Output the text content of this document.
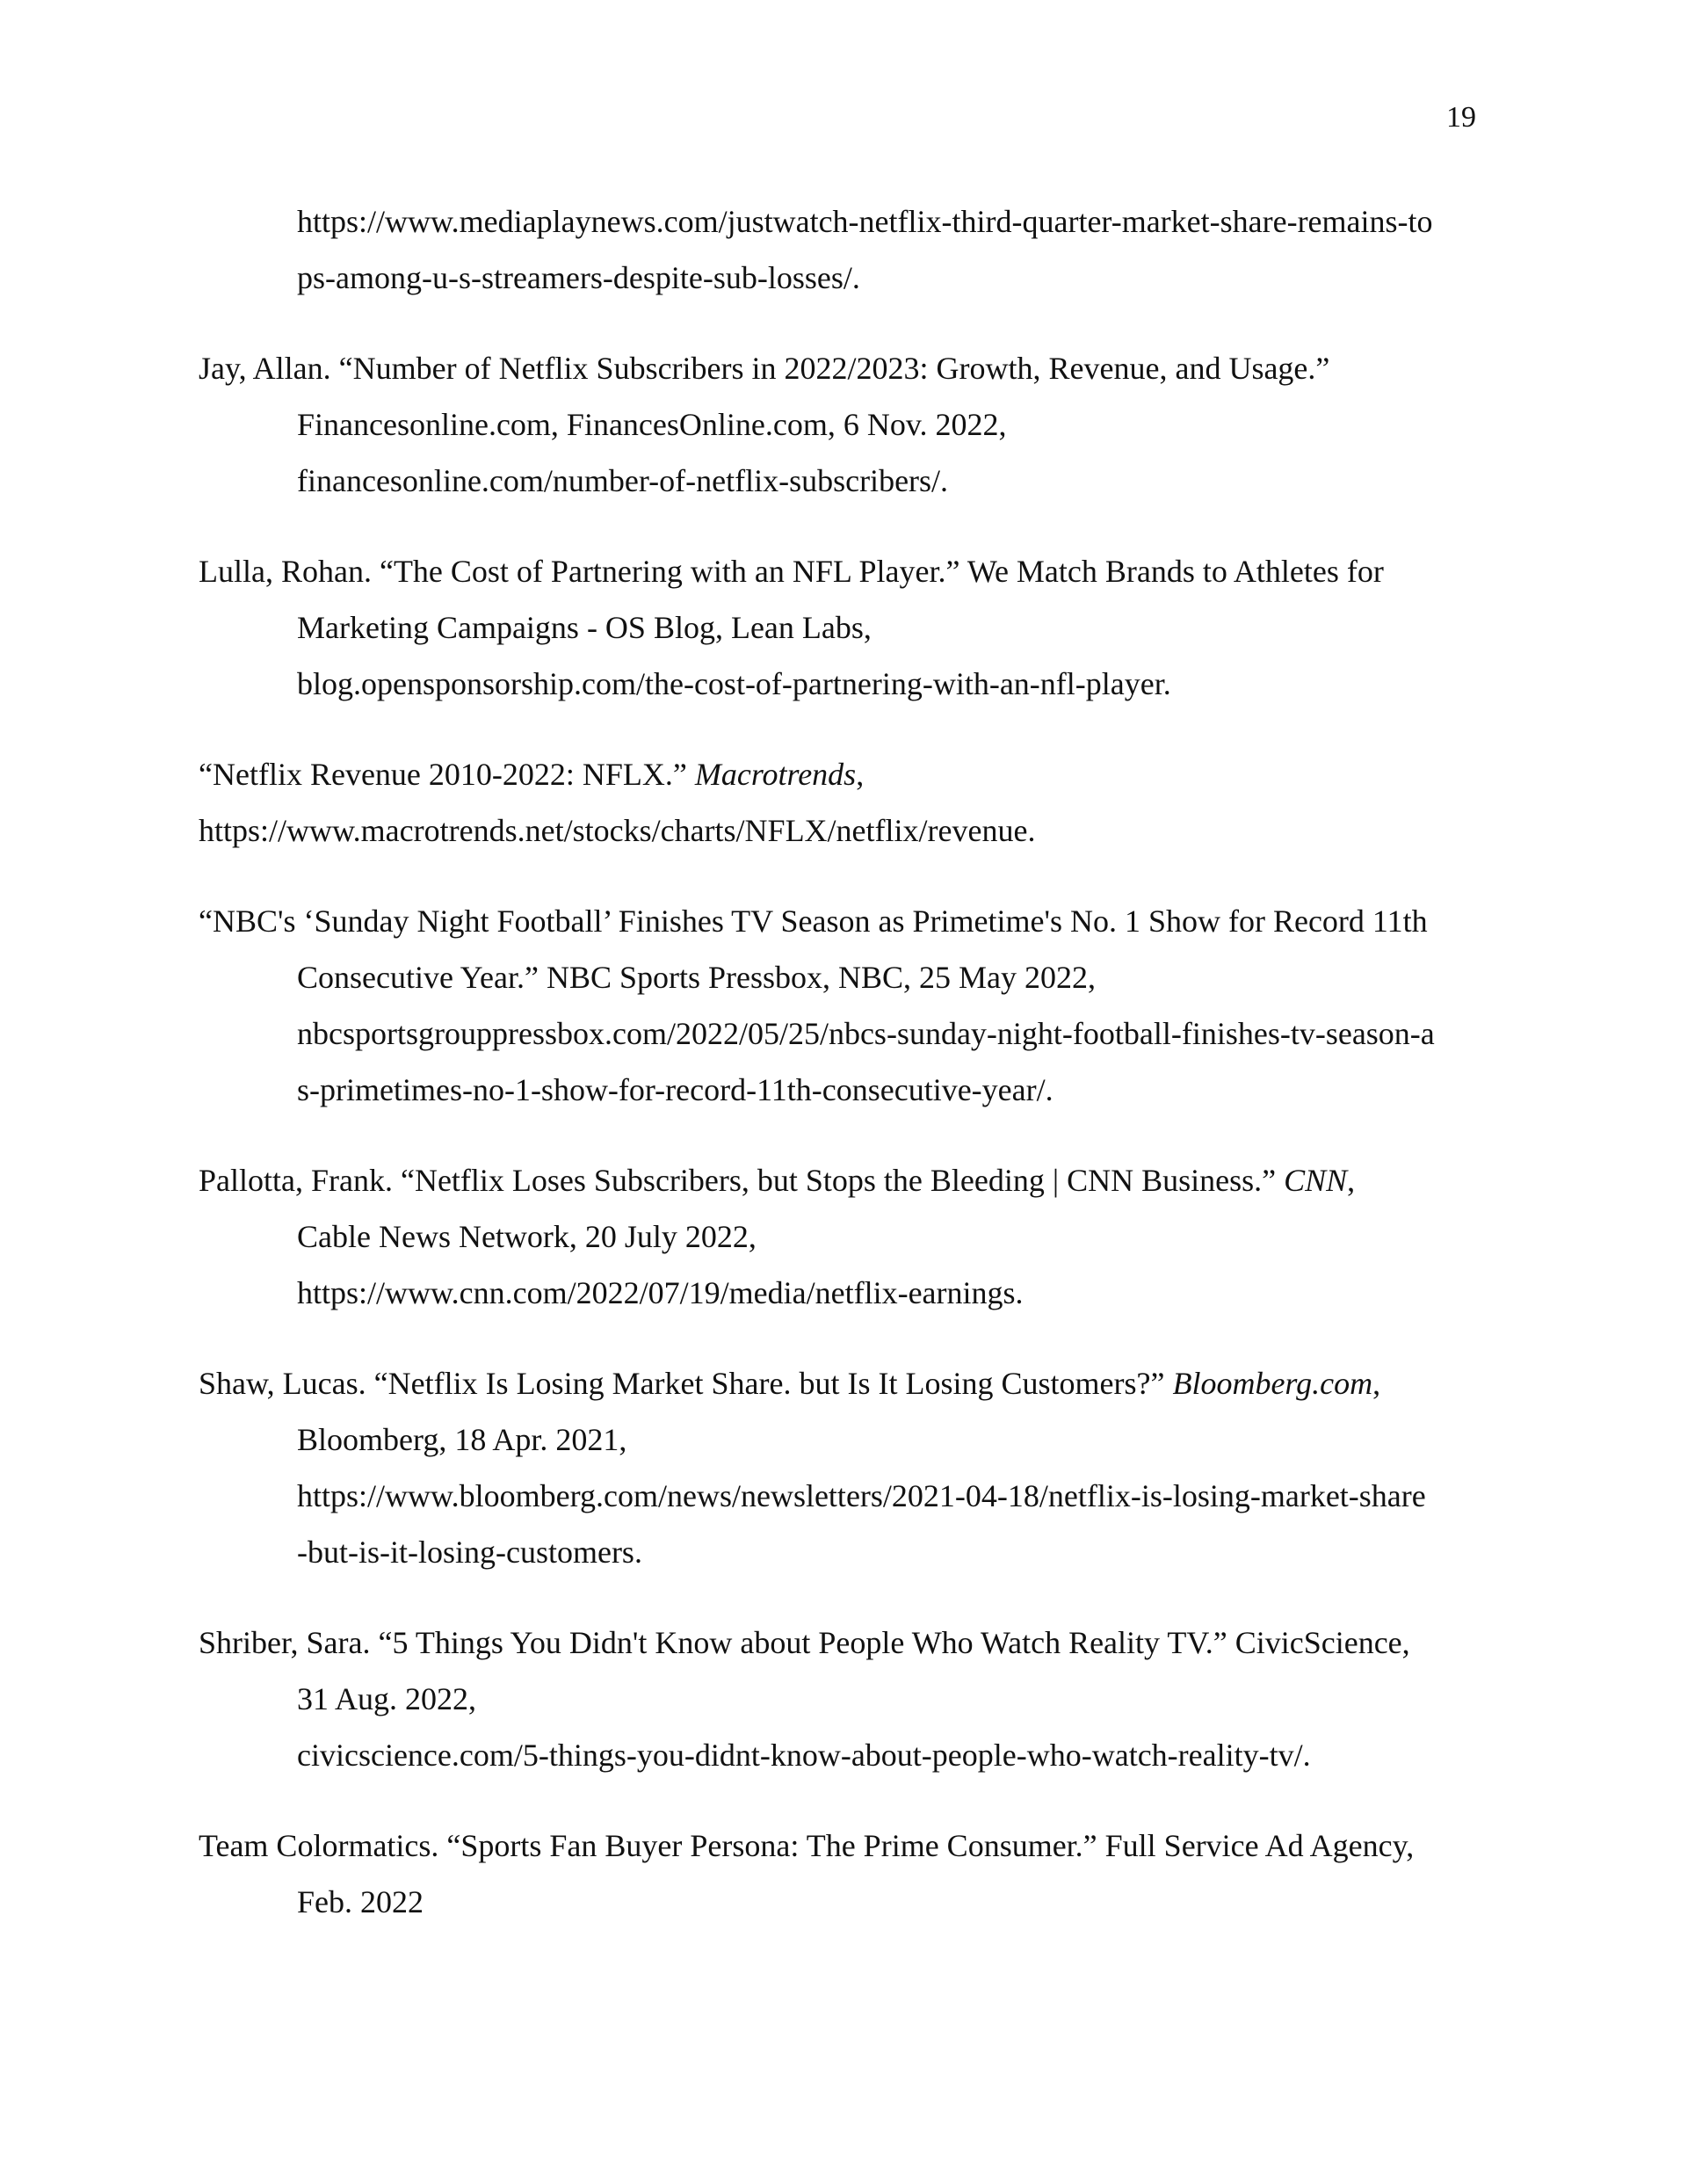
19
https://www.mediaplaynews.com/justwatch-netflix-third-quarter-market-share-remains-to
ps-among-u-s-streamers-despite-sub-losses/.
Jay, Allan. “Number of Netflix Subscribers in 2022/2023: Growth, Revenue, and Usage.”
Financesonline.com, FinancesOnline.com, 6 Nov. 2022,
financesonline.com/number-of-netflix-subscribers/.
Lulla, Rohan. “The Cost of Partnering with an NFL Player.” We Match Brands to Athletes for
Marketing Campaigns - OS Blog, Lean Labs,
blog.opensponsorship.com/the-cost-of-partnering-with-an-nfl-player.
“Netflix Revenue 2010-2022: NFLX.” Macrotrends,
https://www.macrotrends.net/stocks/charts/NFLX/netflix/revenue.
“NBC's ‘Sunday Night Football’ Finishes TV Season as Primetime's No. 1 Show for Record 11th
Consecutive Year.” NBC Sports Pressbox, NBC, 25 May 2022,
nbcsportsgrouppressbox.com/2022/05/25/nbcs-sunday-night-football-finishes-tv-season-a
s-primetimes-no-1-show-for-record-11th-consecutive-year/.
Pallotta, Frank. “Netflix Loses Subscribers, but Stops the Bleeding | CNN Business.” CNN,
Cable News Network, 20 July 2022,
https://www.cnn.com/2022/07/19/media/netflix-earnings.
Shaw, Lucas. “Netflix Is Losing Market Share. but Is It Losing Customers?” Bloomberg.com,
Bloomberg, 18 Apr. 2021,
https://www.bloomberg.com/news/newsletters/2021-04-18/netflix-is-losing-market-share
-but-is-it-losing-customers.
Shriber, Sara. “5 Things You Didn't Know about People Who Watch Reality TV.” CivicScience,
31 Aug. 2022,
civicscience.com/5-things-you-didnt-know-about-people-who-watch-reality-tv/.
Team Colormatics. “Sports Fan Buyer Persona: The Prime Consumer.” Full Service Ad Agency,
Feb. 2022
